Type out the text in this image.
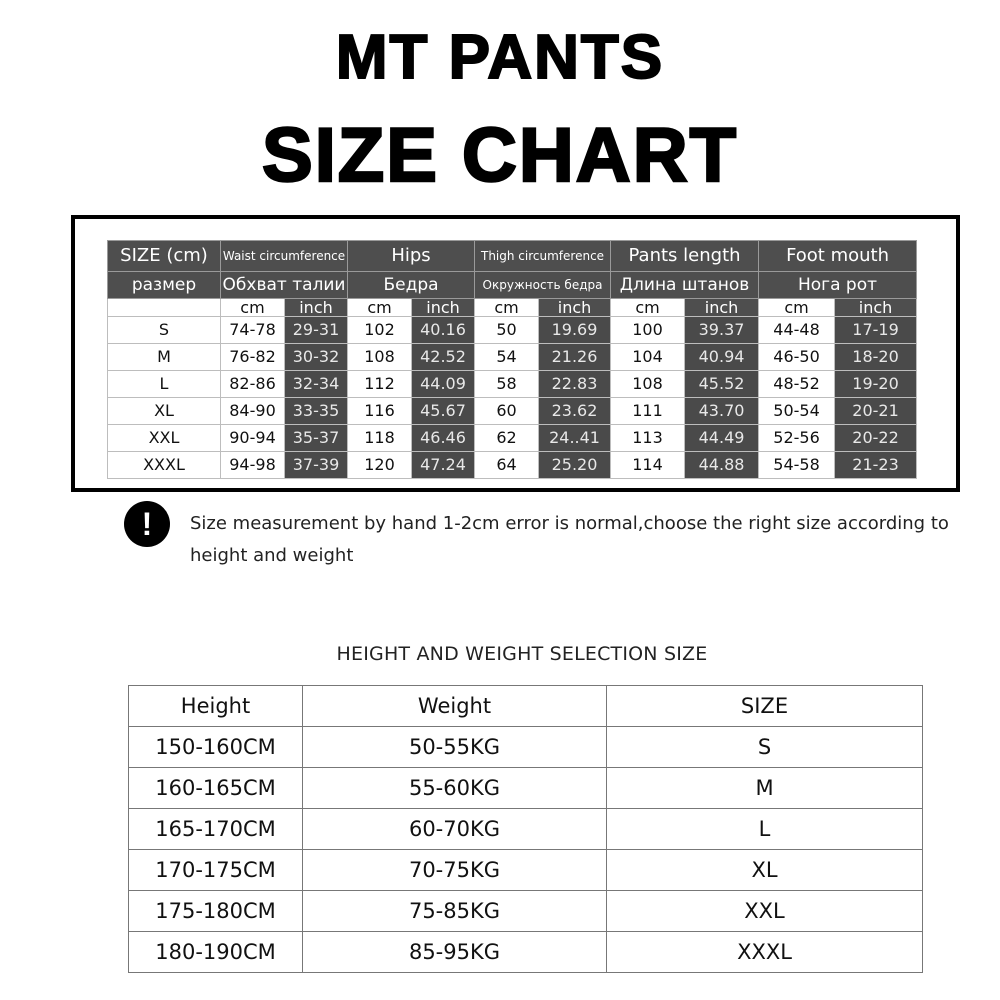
MT PANTS
SIZE CHART
SIZE (cm)	Waist circumference		Hips		Thigh circumference		Pants length		Foot mouth	
размер	Обхват талии		Бедра		Окружность бедра		Длина штанов		Нога рот	
	cm	inch	cm	inch	cm	inch	cm	inch	cm	inch
S	74-78	29-31	102	40.16	50	19.69	100	39.37	44-48	17-19
M	76-82	30-32	108	42.52	54	21.26	104	40.94	46-50	18-20
L	82-86	32-34	112	44.09	58	22.83	108	45.52	48-52	19-20
XL	84-90	33-35	116	45.67	60	23.62	111	43.70	50-54	20-21
XXL	90-94	35-37	118	46.46	62	24..41	113	44.49	52-56	20-22
XXXL	94-98	37-39	120	47.24	64	25.20	114	44.88	54-58	21-23
!	Size measurement by hand 1-2cm error is normal,choose the right size according to height and weight
HEIGHT AND WEIGHT SELECTION SIZE
Height	Weight	SIZE
150-160CM	50-55KG	S
160-165CM	55-60KG	M
165-170CM	60-70KG	L
170-175CM	70-75KG	XL
175-180CM	75-85KG	XXL
180-190CM	85-95KG	XXXL
